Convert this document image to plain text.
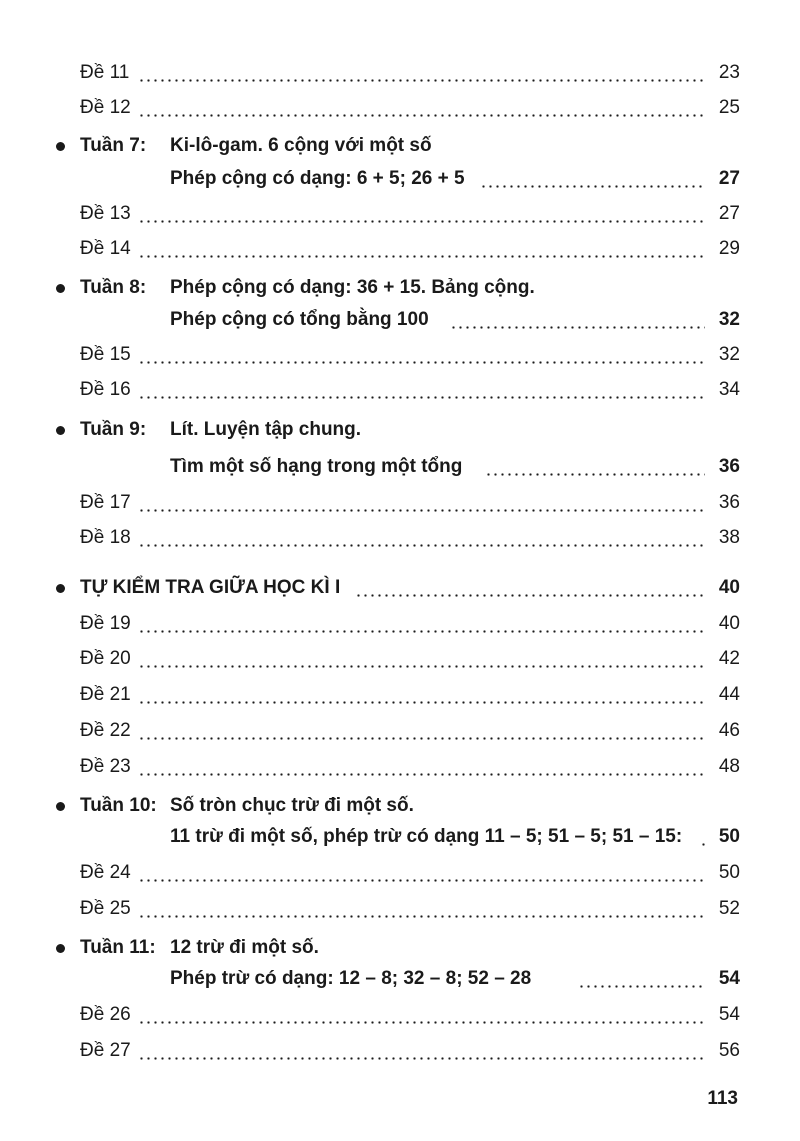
Đề 11	23
Đề 12	25
Tuần 7: Ki-lô-gam. 6 cộng với một số
Phép cộng có dạng: 6 + 5; 26 + 5	27
Đề 13	27
Đề 14	29
Tuần 8: Phép cộng có dạng: 36 + 15. Bảng cộng.
Phép cộng có tổng bằng 100	32
Đề 15	32
Đề 16	34
Tuần 9: Lít. Luyện tập chung.
Tìm một số hạng trong một tổng	36
Đề 17	36
Đề 18	38
TỰ KIỂM TRA GIỮA HỌC KÌ I	40
Đề 19	40
Đề 20	42
Đề 21	44
Đề 22	46
Đề 23	48
Tuần 10: Số tròn chục trừ đi một số.
11 trừ đi một số, phép trừ có dạng 11 – 5; 51 – 5; 51 – 15: 50
Đề 24	50
Đề 25	52
Tuần 11: 12 trừ đi một số.
Phép trừ có dạng: 12 – 8; 32 – 8; 52 – 28	54
Đề 26	54
Đề 27	56
113
